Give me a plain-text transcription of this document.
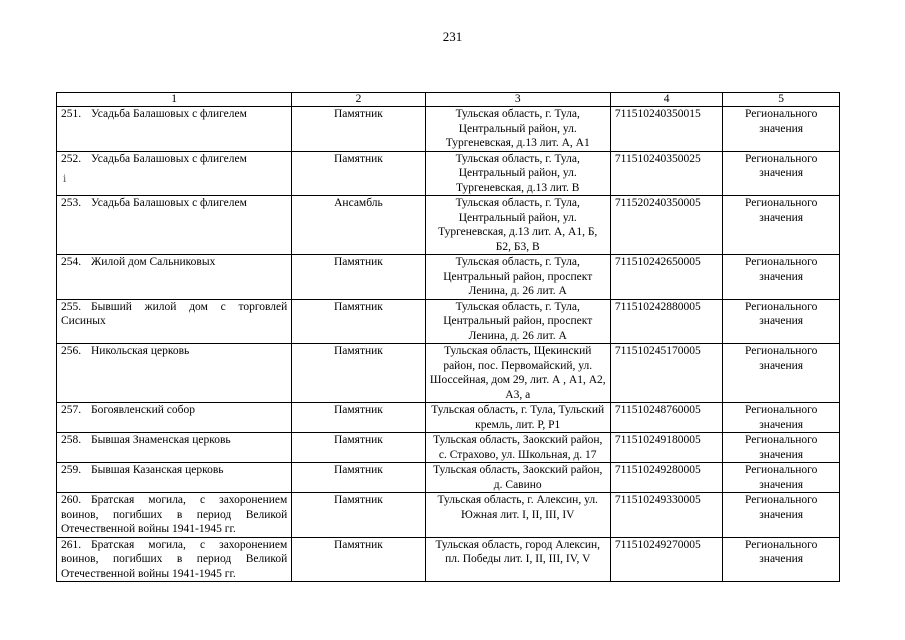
231
ⅰ
1	2	3	4	5
251. Усадьба Балашовых с флигелем	Памятник	Тульская область, г. Тула, Центральный район, ул. Тургеневская, д.13 лит. А, А1	711510240350015	Регионального значения
252. Усадьба Балашовых с флигелем	Памятник	Тульская область, г. Тула, Центральный район, ул. Тургеневская, д.13 лит. В	711510240350025	Регионального значения
253. Усадьба Балашовых с флигелем	Ансамбль	Тульская область, г. Тула, Центральный район, ул. Тургеневская, д.13 лит. А, А1, Б, Б2, Б3, В	711520240350005	Регионального значения
254. Жилой дом Сальниковых	Памятник	Тульская область, г. Тула, Центральный район, проспект Ленина, д. 26 лит. А	711510242650005	Регионального значения
255. Бывший жилой дом с торговлей Сисиных	Памятник	Тульская область, г. Тула, Центральный район, проспект Ленина, д. 26 лит. А	711510242880005	Регионального значения
256. Никольская церковь	Памятник	Тульская область, Щекинский район, пос. Первомайский, ул. Шоссейная, дом 29, лит. А , А1, А2, А3, а	711510245170005	Регионального значения
257. Богоявленский собор	Памятник	Тульская область, г. Тула, Тульский кремль, лит. Р, Р1	711510248760005	Регионального значения
258. Бывшая Знаменская церковь	Памятник	Тульская область, Заокский район, с. Страхово, ул. Школьная, д. 17	711510249180005	Регионального значения
259. Бывшая Казанская церковь	Памятник	Тульская область, Заокский район, д. Савино	711510249280005	Регионального значения
260. Братская могила, с захоронением воинов, погибших в период Великой Отечественной войны 1941-1945 гг.	Памятник	Тульская область, г. Алексин, ул. Южная лит. I, II, III, IV	711510249330005	Регионального значения
261. Братская могила, с захоронением воинов, погибших в период Великой Отечественной войны 1941-1945 гг.	Памятник	Тульская область, город Алексин, пл. Победы лит. I, II, III, IV, V	711510249270005	Регионального значения
